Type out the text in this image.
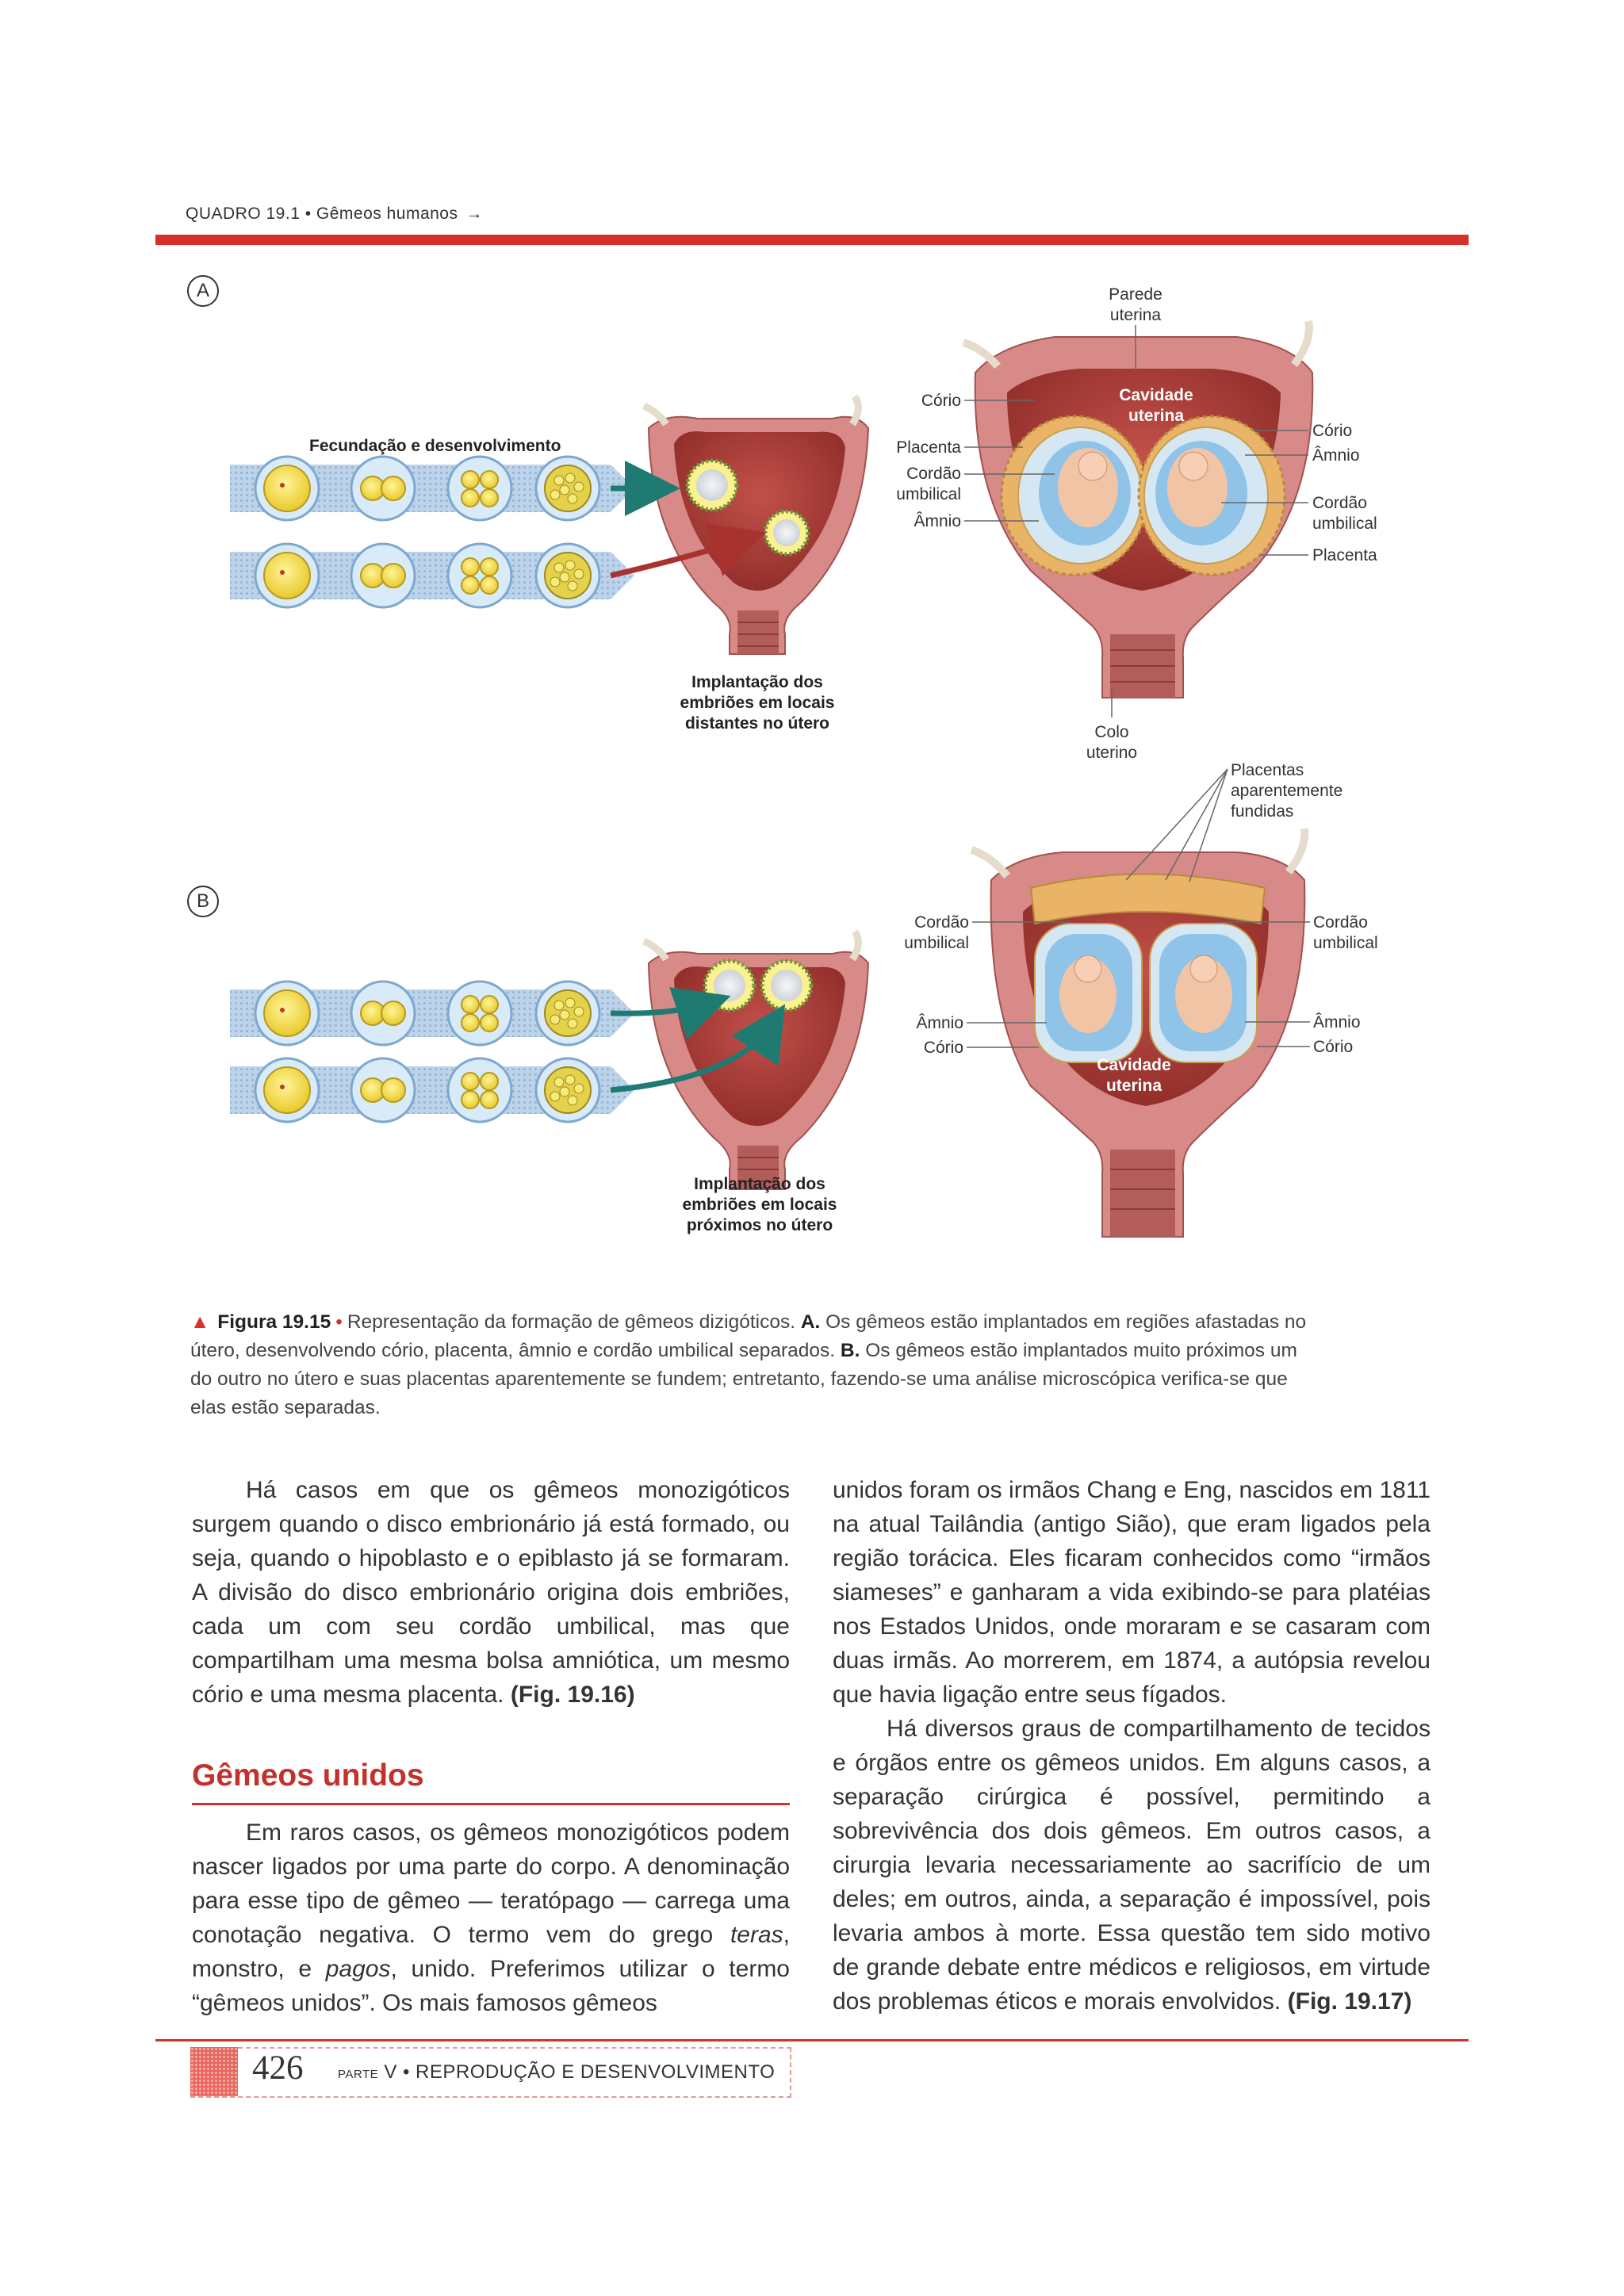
QUADRO 19.1 • Gêmeos humanos →
A
B
Fecundação e desenvolvimento
Implantação dos
embriões em locais
distantes no útero
Parede
uterina
Cavidade
uterina
Colo
uterino
Cório
Placenta
Cordão
umbilical
Âmnio
Cório
Âmnio
Cordão
umbilical
Placenta
Implantação dos
embriões em locais
próximos no útero
Placentas
aparentemente
fundidas
Cavidade
uterina
Cordão
umbilical
Âmnio
Cório
Cordão
umbilical
Âmnio
Cório
▲ Figura 19.15 • Representação da formação de gêmeos dizigóticos. A. Os gêmeos estão implantados em regiões afastadas no útero, desenvolvendo cório, placenta, âmnio e cordão umbilical separados. B. Os gêmeos estão implantados muito próximos um do outro no útero e suas placentas aparentemente se fundem; entretanto, fazendo-se uma análise microscópica verifica-se que elas estão separadas.

Há casos em que os gêmeos monozigóticos surgem quando o disco embrionário já está formado, ou seja, quando o hipoblasto e o epiblasto já se formaram. A divisão do disco embrionário origina dois embriões, cada um com seu cordão umbilical, mas que compartilham uma mesma bolsa amniótica, um mesmo cório e uma mesma placenta. (Fig. 19.16)

Gêmeos unidos

Em raros casos, os gêmeos monozigóticos podem nascer ligados por uma parte do corpo. A denominação para esse tipo de gêmeo — teratópago — carrega uma conotação negativa. O termo vem do grego teras, monstro, e pagos, unido. Preferimos utilizar o termo “gêmeos unidos”. Os mais famosos gêmeos

unidos foram os irmãos Chang e Eng, nascidos em 1811 na atual Tailândia (antigo Sião), que eram ligados pela região torácica. Eles ficaram conhecidos como “irmãos siameses” e ganharam a vida exibindo-se para platéias nos Estados Unidos, onde moraram e se casaram com duas irmãs. Ao morrerem, em 1874, a autópsia revelou que havia ligação entre seus fígados.

Há diversos graus de compartilhamento de tecidos e órgãos entre os gêmeos unidos. Em alguns casos, a separação cirúrgica é possível, permitindo a sobrevivência dos dois gêmeos. Em outros casos, a cirurgia levaria necessariamente ao sacrifício de um deles; em outros, ainda, a separação é impossível, pois levaria ambos à morte. Essa questão tem sido motivo de grande debate entre médicos e religiosos, em virtude dos problemas éticos e morais envolvidos. (Fig. 19.17)

426	PARTE V • REPRODUÇÃO E DESENVOLVIMENTO
